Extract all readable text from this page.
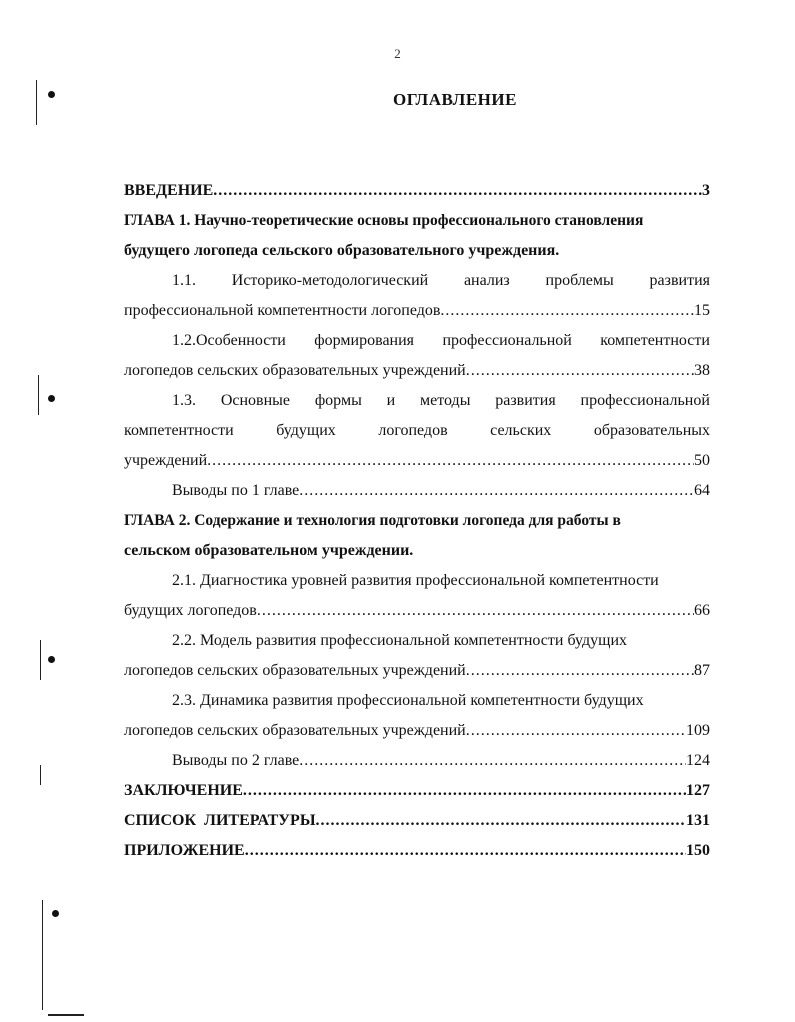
2
ОГЛАВЛЕНИЕ
ВВЕДЕНИЕ .....	3
ГЛАВА 1. Научно-теоретические основы профессионального становления
будущего логопеда сельского образовательного учреждения.
1.1. Историко-методологический анализ проблемы развития
профессиональной компетентности логопедов .....	15
1.2.Особенности формирования профессиональной компетентности
логопедов сельских образовательных учреждений .....	38
1.3. Основные формы и методы развития профессиональной
компетентности	будущих	логопедов	сельских	образовательных
учреждений .....	50
Выводы по 1 главе .....	64
ГЛАВА 2. Содержание и технология подготовки логопеда для работы в
сельском образовательном учреждении.
2.1. Диагностика уровней развития профессиональной компетентности
будущих логопедов .....	66
2.2. Модель развития профессиональной компетентности будущих
логопедов сельских образовательных учреждений .....	87
2.3. Динамика развития профессиональной компетентности будущих
логопедов сельских образовательных учреждений .....	109
Выводы по 2 главе .....	124
ЗАКЛЮЧЕНИЕ .....	127
СПИСОК ЛИТЕРАТУРЫ .....	131
ПРИЛОЖЕНИЕ .....	150
